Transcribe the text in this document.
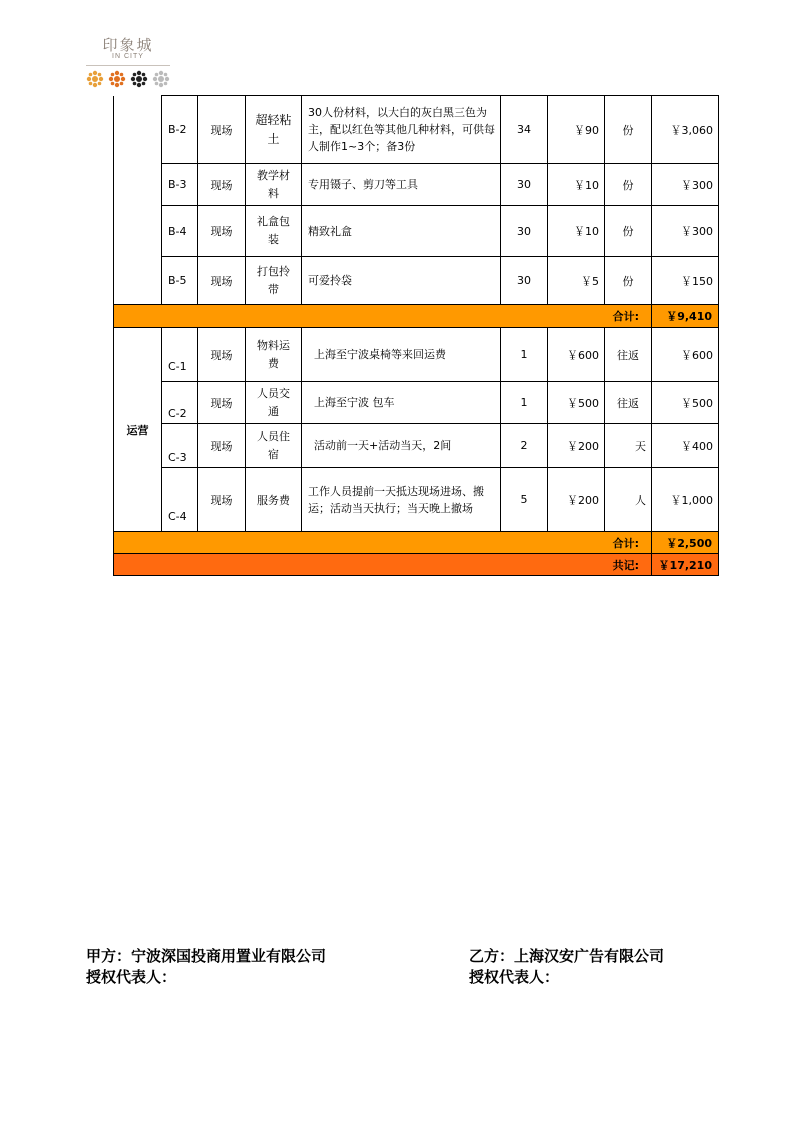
印象城
IN CITY
	B-2	现场	超轻粘土	30人份材料，以大白的灰白黑三色为主，配以红色等其他几种材料，可供每人制作1~3个；备3份	34	￥90	份	￥3,060
	B-3	现场	教学材料	专用镊子、剪刀等工具	30	￥10	份	￥300
	B-4	现场	礼盒包装	精致礼盒	30	￥10	份	￥300
	B-5	现场	打包拎带	可爱拎袋	30	￥5	份	￥150
合计:								￥9,410
运营	C-1	现场	物料运费	上海至宁波桌椅等来回运费	1	￥600	往返	￥600
	C-2	现场	人员交通	上海至宁波 包车	1	￥500	往返	￥500
	C-3	现场	人员住宿	活动前一天+活动当天，2间	2	￥200	天	￥400
	C-4	现场	服务费	工作人员提前一天抵达现场进场、搬运；活动当天执行；当天晚上撤场	5	￥200	人	￥1,000
合计:								￥2,500
共记:								￥17,210
甲方：宁波深国投商用置业有限公司
授权代表人：
乙方：上海汉安广告有限公司
授权代表人：
